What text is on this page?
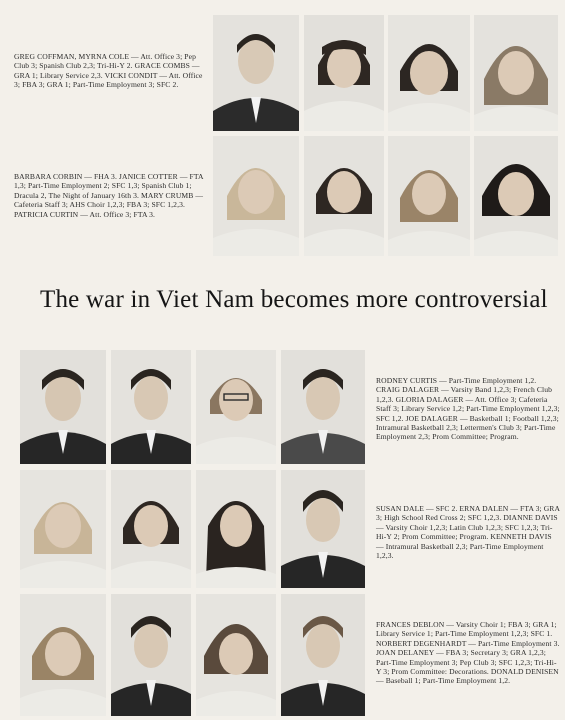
GREG COFFMAN, MYRNA COLE — Att. Office 3; Pep Club 3; Spanish Club 2,3; Tri-Hi-Y 2. GRACE COMBS — GRA 1; Library Service 2,3. VICKI CONDIT — Att. Office 3; FBA 3; GRA 1; Part-Time Employment 3; SFC 2.
BARBARA CORBIN — FHA 3. JANICE COTTER — FTA 1,3; Part-Time Employment 2; SFC 1,3; Spanish Club 1; Dracula 2, The Night of January 16th 3. MARY CRUMB — Cafeteria Staff 3; AHS Choir 1,2,3; FBA 3; SFC 1,2,3. PATRICIA CURTIN — Att. Office 3; FTA 3.
RODNEY CURTIS — Part-Time Employment 1,2. CRAIG DALAGER — Varsity Band 1,2,3; French Club 1,2,3. GLORIA DALAGER — Att. Office 3; Cafeteria Staff 3; Library Service 1,2; Part-Time Employment 1,2,3; SFC 1,2. JOE DALAGER — Basketball 1; Football 1,2,3; Intramural Basketball 2,3; Lettermen's Club 3; Part-Time Employment 2,3; Prom Committee; Program.
SUSAN DALE — SFC 2. ERNA DALEN — FTA 3; GRA 3; High School Red Cross 2; SFC 1,2,3. DIANNE DAVIS — Varsity Choir 1,2,3; Latin Club 1,2,3; SFC 1,2,3; Tri-Hi-Y 2; Prom Committee; Program. KENNETH DAVIS — Intramural Basketball 2,3; Part-Time Employment 1,2,3.
FRANCES DEBLON — Varsity Choir 1; FBA 3; GRA 1; Library Service 1; Part-Time Employment 1,2,3; SFC 1. NORBERT DEGENHARDT — Part-Time Employment 3. JOAN DELANEY — FBA 3; Secretary 3; GRA 1,2,3; Part-Time Employment 3; Pep Club 3; SFC 1,2,3; Tri-Hi-Y 3; Prom Committee: Decorations. DONALD DENISEN — Baseball 1; Part-Time Employment 1,2.
The war in Viet Nam becomes more controversial
